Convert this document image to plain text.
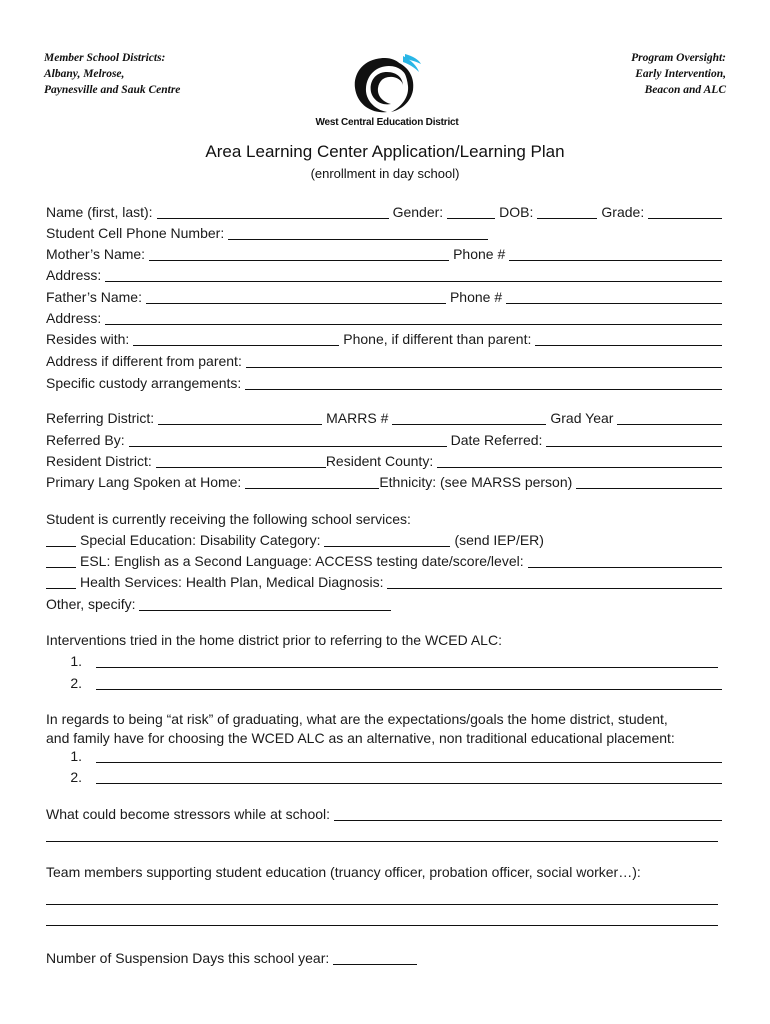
Member School Districts:
Albany, Melrose,
Paynesville and Sauk Centre
West Central Education District
Program Oversight:
Early Intervention,
Beacon and ALC
Area Learning Center Application/Learning Plan
(enrollment in day school)
Name (first, last):	Gender:	DOB:	Grade:
Student Cell Phone Number:
Mother’s Name:	Phone #
Address:
Father’s Name:	Phone #
Address:
Resides with:	Phone, if different than parent:
Address if different from parent:
Specific custody arrangements:
Referring District:	MARRS #	Grad Year
Referred By:	Date Referred:
Resident District:	Resident County:
Primary Lang Spoken at Home:	Ethnicity: (see MARSS person)
Student is currently receiving the following school services:
Special Education: Disability Category:	(send IEP/ER)
ESL: English as a Second Language: ACCESS testing date/score/level:
Health Services: Health Plan, Medical Diagnosis:
Other, specify:
Interventions tried in the home district prior to referring to the WCED ALC:
1.
2.
In regards to being “at risk” of graduating, what are the expectations/goals the home district, student,
and family have for choosing the WCED ALC as an alternative, non traditional educational placement:
1.
2.
What could become stressors while at school:
Team members supporting student education (truancy officer, probation officer, social worker…):
Number of Suspension Days this school year:
